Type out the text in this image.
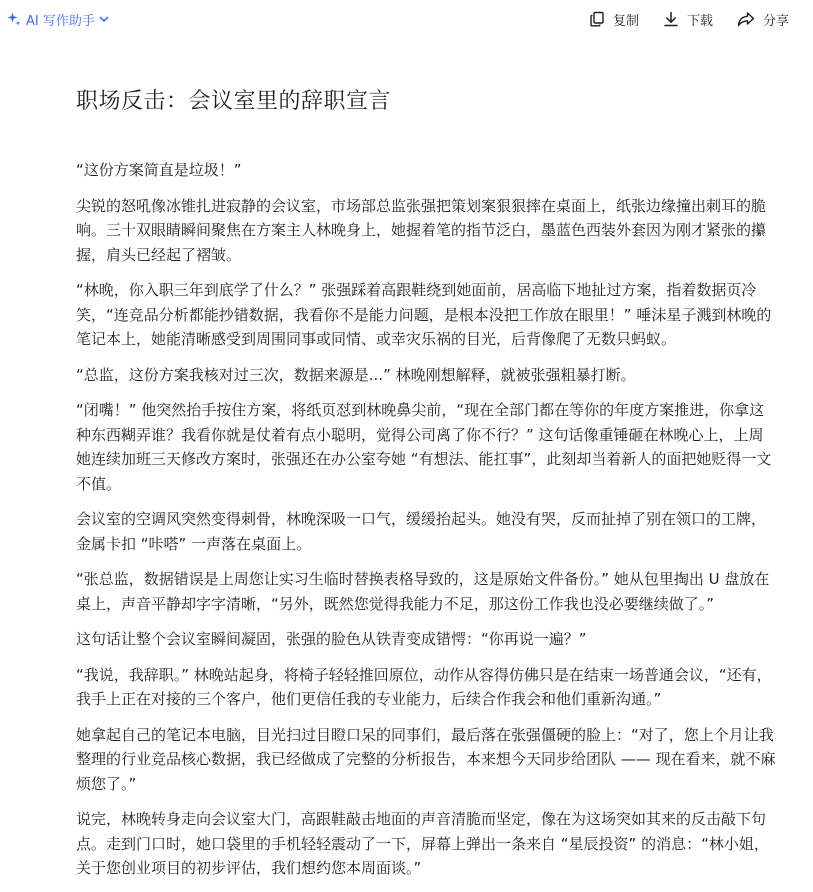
AI 写作助手	复制	下载	分享
职场反击：会议室里的辞职宣言

“这份方案简直是垃圾！”

尖锐的怒吼像冰锥扎进寂静的会议室，市场部总监张强把策划案狠狠摔在桌面上，纸张边缘撞出刺耳的脆响。三十双眼睛瞬间聚焦在方案主人林晚身上，她握着笔的指节泛白，墨蓝色西装外套因为刚才紧张的攥握，肩头已经起了褶皱。

“林晚，你入职三年到底学了什么？” 张强踩着高跟鞋绕到她面前，居高临下地扯过方案，指着数据页冷笑，“连竞品分析都能抄错数据，我看你不是能力问题，是根本没把工作放在眼里！” 唾沫星子溅到林晚的笔记本上，她能清晰感受到周围同事或同情、或幸灾乐祸的目光，后背像爬了无数只蚂蚁。

“总监，这份方案我核对过三次，数据来源是...” 林晚刚想解释，就被张强粗暴打断。

“闭嘴！” 他突然抬手按住方案，将纸页怼到林晚鼻尖前，“现在全部门都在等你的年度方案推进，你拿这种东西糊弄谁？我看你就是仗着有点小聪明，觉得公司离了你不行？” 这句话像重锤砸在林晚心上，上周她连续加班三天修改方案时，张强还在办公室夸她 “有想法、能扛事”，此刻却当着新人的面把她贬得一文不值。

会议室的空调风突然变得刺骨，林晚深吸一口气，缓缓抬起头。她没有哭，反而扯掉了别在领口的工牌，金属卡扣 “咔嗒” 一声落在桌面上。

“张总监，数据错误是上周您让实习生临时替换表格导致的，这是原始文件备份。” 她从包里掏出 U 盘放在桌上，声音平静却字字清晰，“另外，既然您觉得我能力不足，那这份工作我也没必要继续做了。”

这句话让整个会议室瞬间凝固，张强的脸色从铁青变成错愕：“你再说一遍？”

“我说，我辞职。” 林晚站起身，将椅子轻轻推回原位，动作从容得仿佛只是在结束一场普通会议，“还有，我手上正在对接的三个客户，他们更信任我的专业能力，后续合作我会和他们重新沟通。”

她拿起自己的笔记本电脑，目光扫过目瞪口呆的同事们，最后落在张强僵硬的脸上：“对了，您上个月让我整理的行业竞品核心数据，我已经做成了完整的分析报告，本来想今天同步给团队 —— 现在看来，就不麻烦您了。”

说完，林晚转身走向会议室大门，高跟鞋敲击地面的声音清脆而坚定，像在为这场突如其来的反击敲下句点。走到门口时，她口袋里的手机轻轻震动了一下，屏幕上弹出一条来自 “星辰投资” 的消息：“林小姐，关于您创业项目的初步评估，我们想约您本周面谈。”
